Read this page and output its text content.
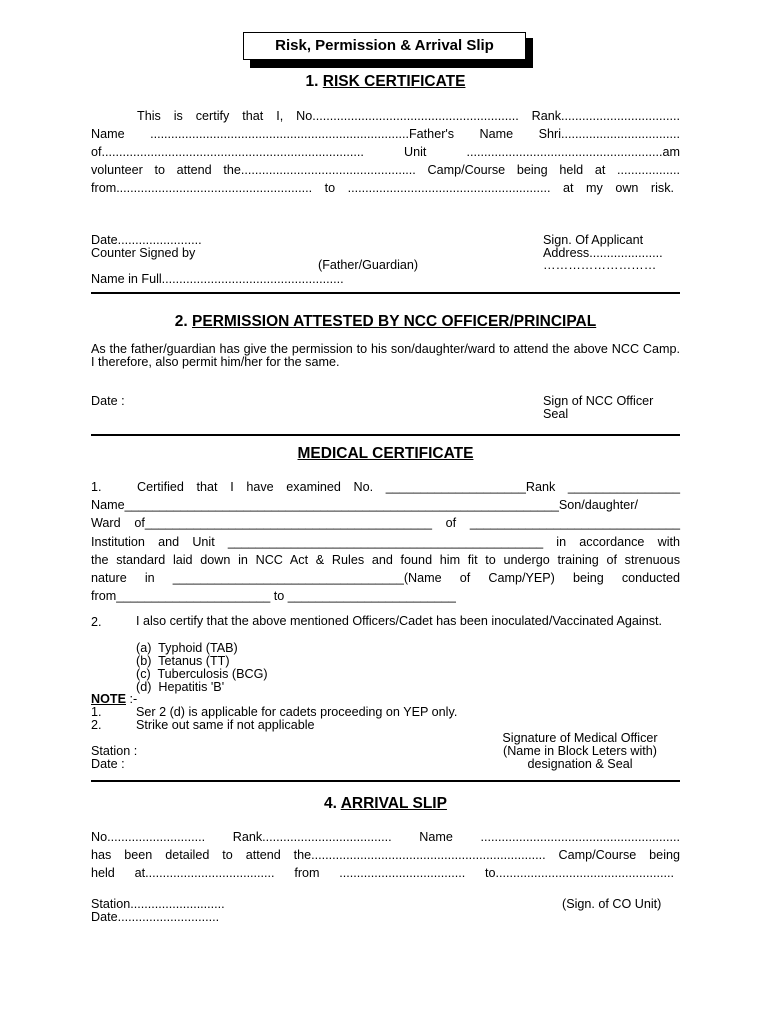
Risk, Permission & Arrival Slip
1. RISK CERTIFICATE
This is certify that I, No........................................................... Rank..................................
Name ..........................................................................Father's Name Shri..................................
of........................................................................... Unit ........................................................am
volunteer to attend the.................................................. Camp/Course being held at ..................
from........................................................ to .......................................................... at my own risk.
Date........................
Counter Signed by
(Father/Guardian)
Name in Full....................................................
Sign. Of Applicant
Address.....................
………………………
2. PERMISSION ATTESTED BY NCC OFFICER/PRINCIPAL
As the father/guardian has give the permission to his son/daughter/ward to attend the above NCC Camp. I therefore, also permit him/her for the same.
Date :	Sign of NCC Officer
Seal
MEDICAL CERTIFICATE
1.	Certified that I have examined No. ____________________Rank ________________
Name______________________________________________________________Son/daughter/
Ward of_________________________________________ of ______________________________
Institution and Unit _____________________________________________ in accordance with
the standard laid down in NCC Act & Rules and found him fit to undergo training of strenuous
nature in _________________________________(Name of Camp/YEP) being conducted
from______________________ to ________________________
2.	I also certify that the above mentioned Officers/Cadet has been inoculated/Vaccinated Against.
(a)  Typhoid (TAB)
(b)  Tetanus (TT)
(c)  Tuberculosis (BCG)
(d)  Hepatitis 'B'
NOTE :-
1.	Ser 2 (d) is applicable for cadets proceeding on YEP only.
2.	Strike out same if not applicable
Signature of Medical Officer
(Name in Block Leters with)
designation & Seal
Station :
Date :
4. ARRIVAL SLIP
No............................ Rank..................................... Name .........................................................
has been detailed to attend the................................................................... Camp/Course being
held at..................................... from .................................... to...................................................
Station...........................
Date.............................
(Sign. of CO Unit)
